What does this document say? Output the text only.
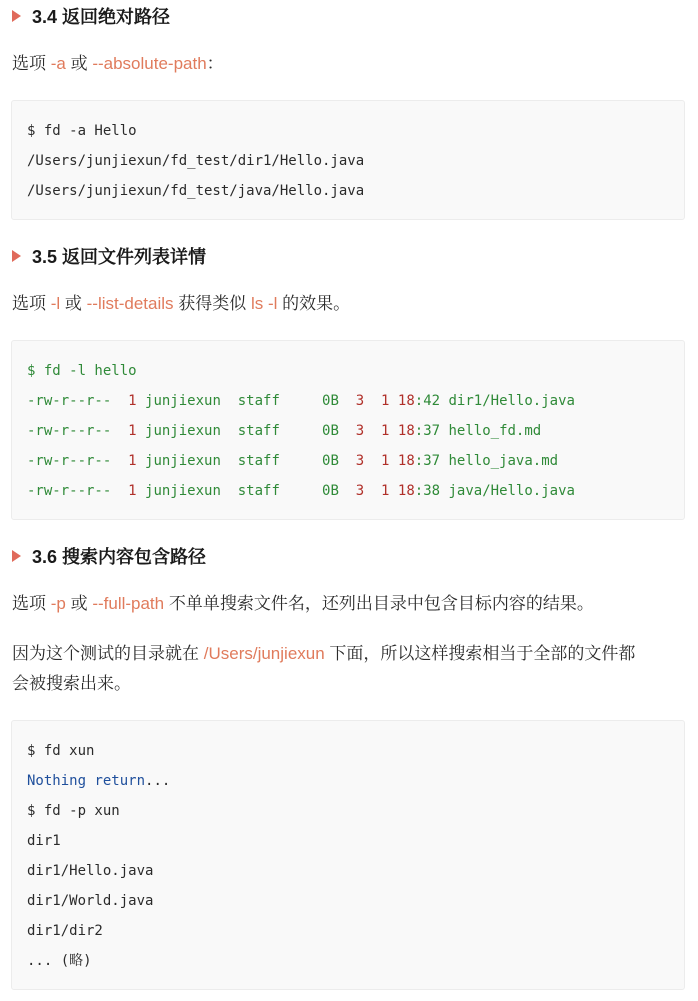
3.4 返回绝对路径
选项 -a 或 --absolute-path：
$ fd -a Hello
/Users/junjiexun/fd_test/dir1/Hello.java
/Users/junjiexun/fd_test/java/Hello.java
3.5 返回文件列表详情
选项 -l 或 --list-details 获得类似 ls -l 的效果。
$ fd -l hello
-rw-r--r--  1 junjiexun  staff     0B  3  1 18:42 dir1/Hello.java
-rw-r--r--  1 junjiexun  staff     0B  3  1 18:37 hello_fd.md
-rw-r--r--  1 junjiexun  staff     0B  3  1 18:37 hello_java.md
-rw-r--r--  1 junjiexun  staff     0B  3  1 18:38 java/Hello.java
3.6 搜索内容包含路径
选项 -p 或 --full-path 不单单搜索文件名，还列出目录中包含目标内容的结果。
因为这个测试的目录就在 /Users/junjiexun 下面，所以这样搜索相当于全部的文件都
会被搜索出来。
$ fd xun
Nothing return...
$ fd -p xun
dir1
dir1/Hello.java
dir1/World.java
dir1/dir2
... (略)
